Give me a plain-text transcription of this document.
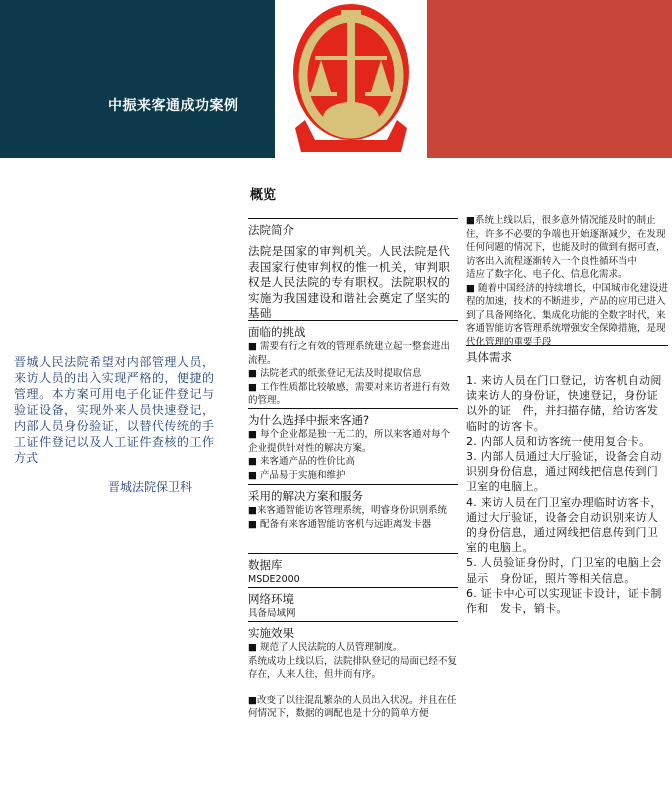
中振来客通成功案例
晋城人民法院希望对内部管理人员，来访人员的出入实现严格的，便捷的管理。本方案可用电子化证件登记与验证设备，实现外来人员快速登记，内部人员身份验证，以替代传统的手工证件登记以及人工证件查核的工作方式
晋城法院保卫科
概览
法院简介
法院是国家的审判机关。人民法院是代表国家行使审判权的惟一机关，审判职权是人民法院的专有职权。法院职权的实施为我国建设和谐社会奠定了坚实的基础
面临的挑战
■ 需要有行之有效的管理系统建立起一整套进出流程。
■ 法院老式的纸张登记无法及时提取信息
■ 工作性质都比较敏感，需要对来访者进行有效的管理。
为什么选择中振来客通?
■ 每个企业都是独一无二的，所以来客通对每个企业提供针对性的解决方案。
■ 来客通产品的性价比高
■ 产品易于实施和维护
采用的解决方案和服务
■来客通智能访客管理系统，明睿身份识别系统
■ 配备有来客通智能访客机与远距离发卡器
数据库
MSDE2000
网络环境
具备局域网
实施效果
■ 规范了人民法院的人员管理制度。
系统成功上线以后，法院排队登记的局面已经不复存在，人来人往，但井而有序。
■改变了以往混乱繁杂的人员出入状况。并且在任何情况下，数据的调配也是十分的简单方便
■系统上线以后，很多意外情况能及时的制止住，许多不必要的争端也开始逐渐减少，在发现任何问题的情况下，也能及时的做到有据可查，访客出入流程逐渐转入一个良性循环当中
适应了数字化、电子化、信息化需求。
■ 随着中国经济的持续增长，中国城市化建设进程的加速，技术的不断进步，产品的应用已进入到了具备网络化、集成化功能的全数字时代，来客通智能访客管理系统增强安全保障措施，是现代化管理的重要手段
具体需求
1. 来访人员在门口登记，访客机自动阅读来访人的身份证，快速登记，身份证以外的证　件，并扫描存储，给访客发临时的访客卡。
2. 内部人员和访客统一使用复合卡。
3. 内部人员通过大厅验证，设备会自动识别身份信息，通过网线把信息传到门卫室的电脑上。
4. 来访人员在门卫室办理临时访客卡，通过大厅验证，设备会自动识别来访人的身份信息，通过网线把信息传到门卫室的电脑上。
5. 人员验证身份时，门卫室的电脑上会显示　身份证，照片等相关信息。
6. 证卡中心可以实现证卡设计，证卡制作和　发卡，销卡。
